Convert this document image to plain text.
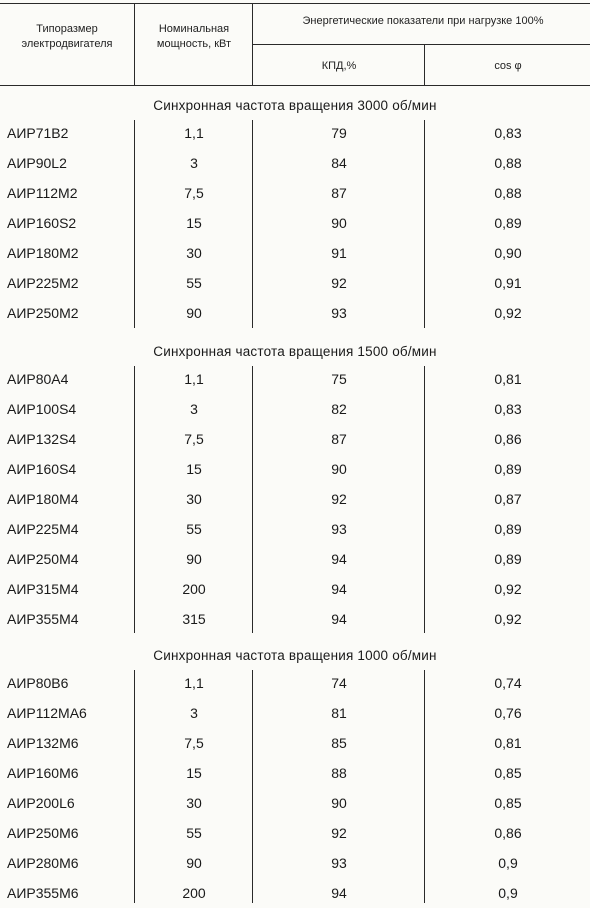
Типоразмер электродвигателя
Номинальная мощность, кВт
Энергетические показатели при нагрузке 100%
КПД,%	cos φ
Синхронная частота вращения 3000 об/мин
АИР71В2	1,1	79	0,83
АИР90L2	3	84	0,88
АИР112М2	7,5	87	0,88
АИР160S2	15	90	0,89
АИР180М2	30	91	0,90
АИР225М2	55	92	0,91
АИР250М2	90	93	0,92
Синхронная частота вращения 1500 об/мин
АИР80А4	1,1	75	0,81
АИР100S4	3	82	0,83
АИР132S4	7,5	87	0,86
АИР160S4	15	90	0,89
АИР180М4	30	92	0,87
АИР225М4	55	93	0,89
АИР250М4	90	94	0,89
АИР315М4	200	94	0,92
АИР355М4	315	94	0,92
Синхронная частота вращения 1000 об/мин
АИР80В6	1,1	74	0,74
АИР112МА6	3	81	0,76
АИР132М6	7,5	85	0,81
АИР160М6	15	88	0,85
АИР200L6	30	90	0,85
АИР250М6	55	92	0,86
АИР280М6	90	93	0,9
АИР355М6	200	94	0,9
